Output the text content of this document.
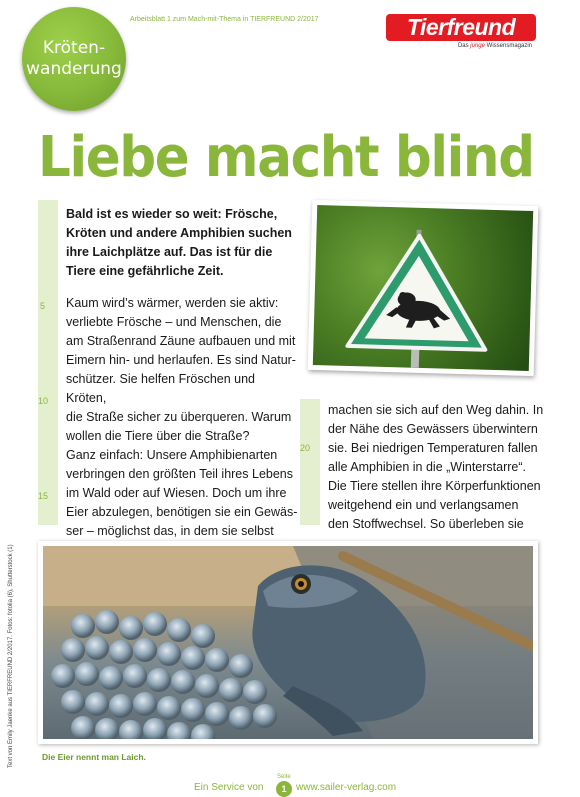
Kröten-
wanderung
Arbeitsblatt 1 zum Mach-mit-Thema in TIERFREUND 2/2017	Tierfreund
Das junge Wissensmagazin
Liebe macht blind
5
10
15
20
Bald ist es wieder so weit: Frösche, Kröten und andere Amphibien suchen ihre Laichplätze auf. Das ist für die Tiere eine gefährliche Zeit.

Kaum wird’s wärmer, werden sie aktiv:

verliebte Frösche – und Menschen, die

am Straßenrand Zäune aufbauen und mit

Eimern hin- und herlaufen. Es sind Natur-

schützer. Sie helfen Fröschen und Kröten,

die Straße sicher zu überqueren. Warum

wollen die Tiere über die Straße?

Ganz einfach: Unsere Amphibienarten

verbringen den größten Teil ihres Lebens

im Wald oder auf Wiesen. Doch um ihre

Eier abzulegen, benötigen sie ein Gewäs-

ser – möglichst das, in dem sie selbst

machen sie sich auf den Weg dahin. In

der Nähe des Gewässers überwintern

sie. Bei niedrigen Temperaturen fallen

alle Amphibien in die „Winterstarre“.

Die Tiere stellen ihre Körperfunktionen

weitgehend ein und verlangsamen

den Stoffwechsel. So überleben sie

Die Eier nennt man Laich.
Text von Emily Jaenke aus TIERFREUND 2/2017. Fotos: fotolia (6), Shutterstock (1)
Ein Service von
Seite
1 www.sailer-verlag.com
